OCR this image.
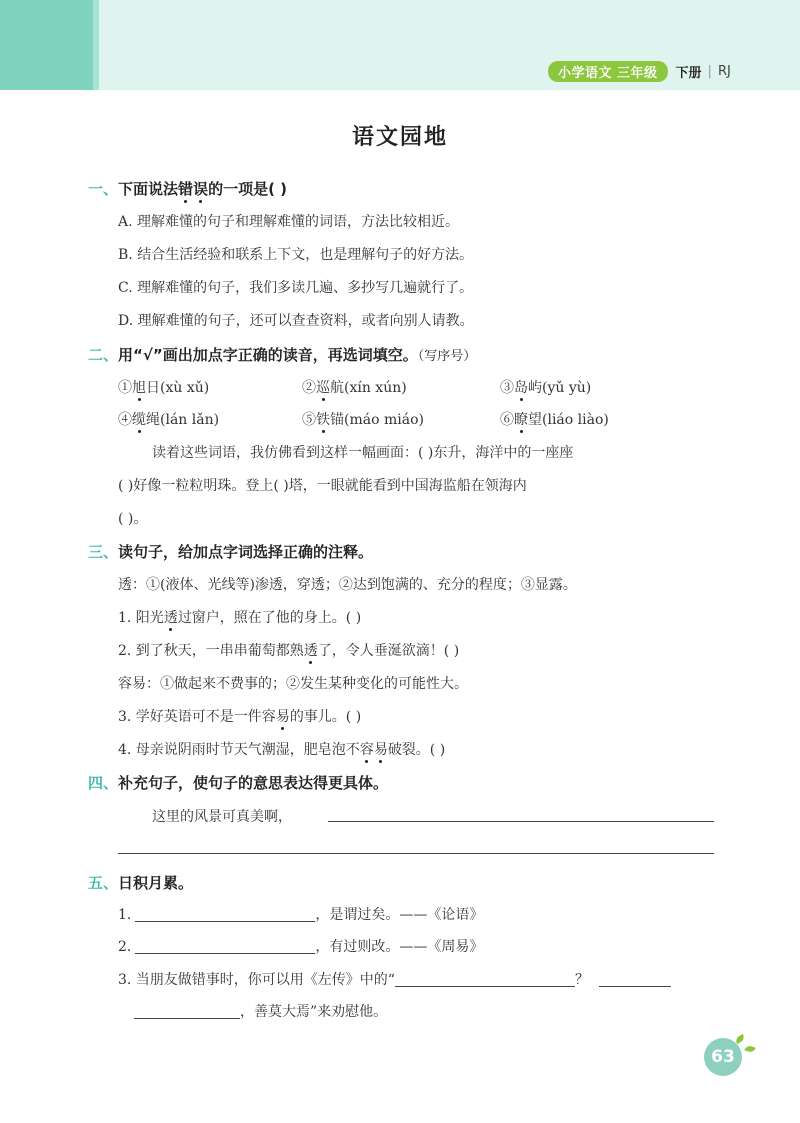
小学语文 三年级	下册 | RJ
语文园地
一、下面说法错误的一项是( )
A. 理解难懂的句子和理解难懂的词语，方法比较相近。
B. 结合生活经验和联系上下文，也是理解句子的好方法。
C. 理解难懂的句子，我们多读几遍、多抄写几遍就行了。
D. 理解难懂的句子，还可以查查资料，或者向别人请教。
二、用“√”画出加点字正确的读音，再选词填空。（写序号）
①旭日(xù xǔ)	②巡航(xín xún)	③岛屿(yǔ yù)
④缆绳(lán lǎn)	⑤铁锚(máo miáo)	⑥瞭望(liáo liào)
读着这些词语，我仿佛看到这样一幅画面：( )东升，海洋中的一座座
( )好像一粒粒明珠。登上( )塔，一眼就能看到中国海监船在领海内
( )。
三、读句子，给加点字词选择正确的注释。
透：①(液体、光线等)渗透，穿透；②达到饱满的、充分的程度；③显露。
1. 阳光透过窗户，照在了他的身上。( )
2. 到了秋天，一串串葡萄都熟透了，令人垂涎欲滴！( )
容易：①做起来不费事的；②发生某种变化的可能性大。
3. 学好英语可不是一件容易的事儿。( )
4. 母亲说阴雨时节天气潮湿，肥皂泡不容易破裂。( )
四、补充句子，使句子的意思表达得更具体。
这里的风景可真美啊，
五、日积月累。
1.	，是谓过矣。——《论语》
2.	，有过则改。——《周易》
3. 当朋友做错事时，你可以用《左传》中的“	？
，善莫大焉”来劝慰他。
63
